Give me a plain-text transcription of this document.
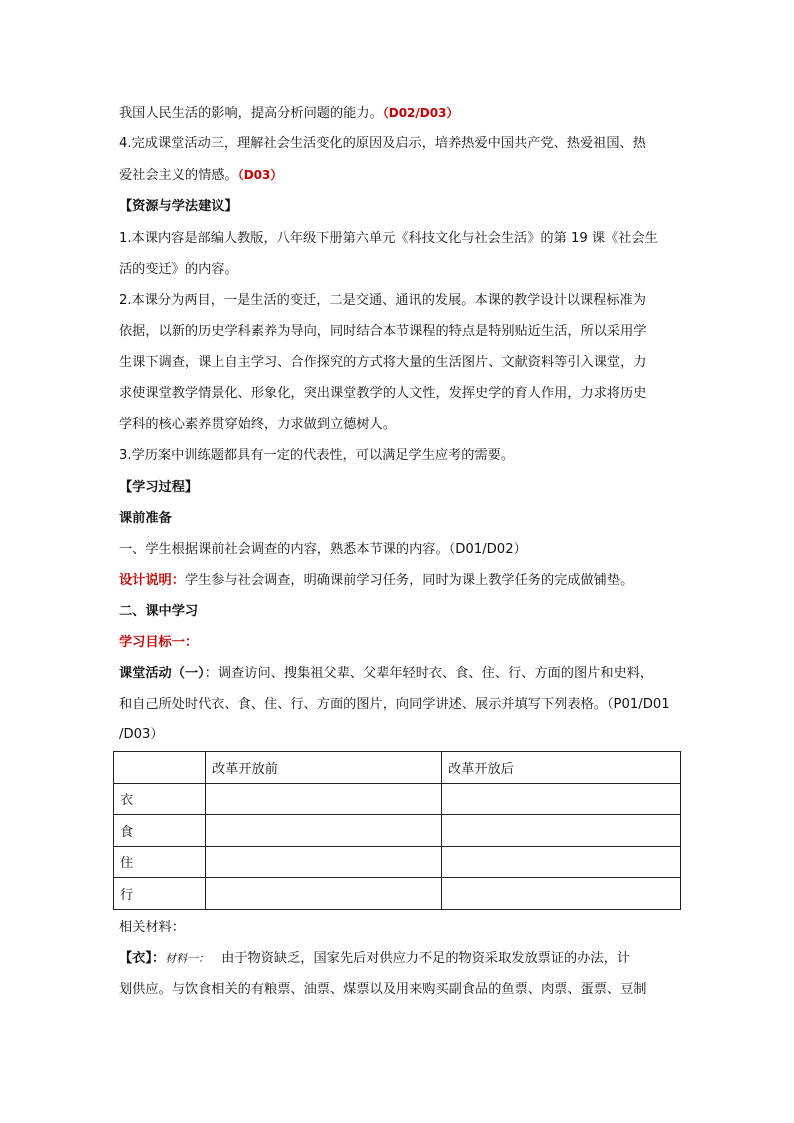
我国人民生活的影响，提高分析问题的能力。（D02/D03）
4.完成课堂活动三，理解社会生活变化的原因及启示，培养热爱中国共产党、热爱祖国、热
爱社会主义的情感。（D03）
【资源与学法建议】
1.本课内容是部编人教版，八年级下册第六单元《科技文化与社会生活》的第 19 课《社会生
活的变迁》的内容。
2.本课分为两目，一是生活的变迁，二是交通、通讯的发展。本课的教学设计以课程标准为
依据，以新的历史学科素养为导向，同时结合本节课程的特点是特别贴近生活，所以采用学
生课下调查，课上自主学习、合作探究的方式将大量的生活图片、文献资料等引入课堂，力
求使课堂教学情景化、形象化，突出课堂教学的人文性，发挥史学的育人作用，力求将历史
学科的核心素养贯穿始终，力求做到立德树人。
3.学历案中训练题都具有一定的代表性，可以满足学生应考的需要。
【学习过程】
课前准备
一、学生根据课前社会调查的内容，熟悉本节课的内容。（D01/D02）
设计说明：学生参与社会调查，明确课前学习任务，同时为课上教学任务的完成做铺垫。
二、课中学习
学习目标一：
课堂活动（一）：调查访问、搜集祖父辈、父辈年轻时衣、食、住、行、方面的图片和史料，
和自己所处时代衣、食、住、行、方面的图片，向同学讲述、展示并填写下列表格。（P01/D01
/D03）
	改革开放前	改革开放后
衣		
食		
住		
行		
相关材料：
【衣】：材料一： 由于物资缺乏，国家先后对供应力不足的物资采取发放票证的办法，计
划供应。与饮食相关的有粮票、油票、煤票以及用来购买副食品的鱼票、肉票、蛋票、豆制
